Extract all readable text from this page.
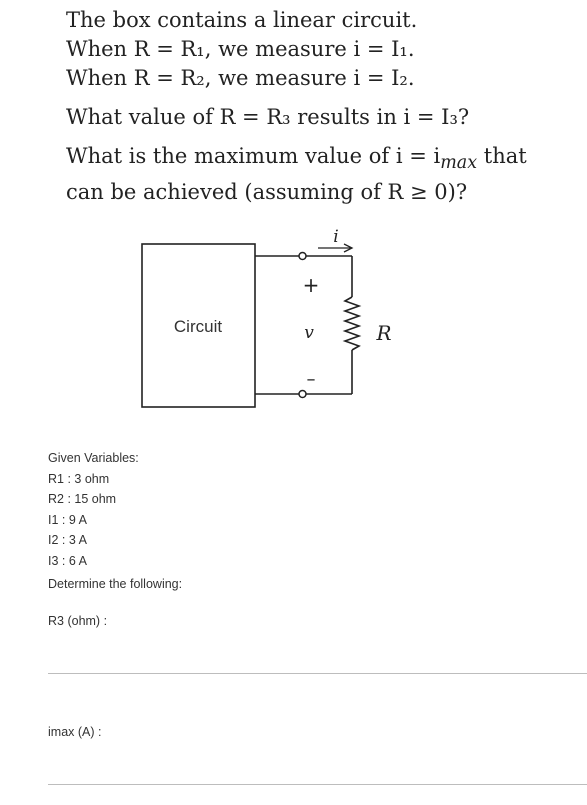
The box contains a linear circuit.
When R = R₁, we measure i = I₁.
When R = R₂, we measure i = I₂.
What value of R = R₃ results in i = I₃?
What is the maximum value of $i = i_{max}$ that
can be achieved (assuming of R ≥ 0)?
Circuit
i
+
v
–
R
Given Variables:
R1 : 3 ohm
R2 : 15 ohm
I1 : 9 A
I2 : 3 A
I3 : 6 A
Determine the following:
R3 (ohm) :
imax (A) :
